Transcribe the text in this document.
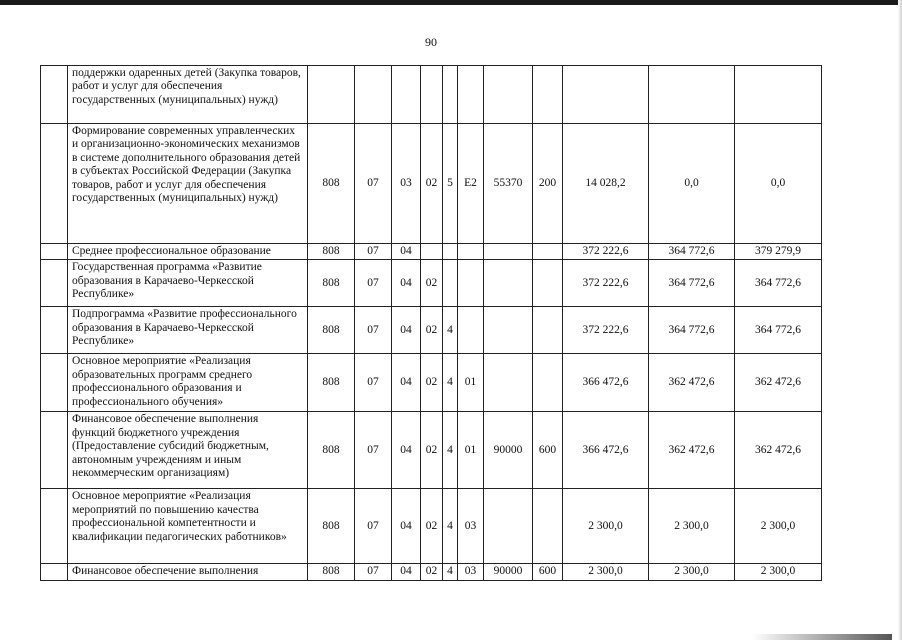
90
	поддержки одаренных детей (Закупка товаров, работ и услуг для обеспечения государственных (муниципальных) нужд)											
	Формирование современных управленческих и организационно-экономических механизмов в системе дополнительного образования детей в субъектах Российской Федерации (Закупка товаров, работ и услуг для обеспечения государственных (муниципальных) нужд)	808	07	03	02	5	E2	55370	200	14 028,2	0,0	0,0
	Среднее профессиональное образование	808	07	04						372 222,6	364 772,6	379 279,9
	Государственная программа «Развитие образования в Карачаево-Черкесской Республике»	808	07	04	02					372 222,6	364 772,6	364 772,6
	Подпрограмма «Развитие профессионального образования в Карачаево-Черкесской Республике»	808	07	04	02	4				372 222,6	364 772,6	364 772,6
	Основное мероприятие «Реализация образовательных программ среднего профессионального образования и профессионального обучения»	808	07	04	02	4	01			366 472,6	362 472,6	362 472,6
	Финансовое обеспечение выполнения функций бюджетного учреждения (Предоставление субсидий бюджетным, автономным учреждениям и иным некоммерческим организациям)	808	07	04	02	4	01	90000	600	366 472,6	362 472,6	362 472,6
	Основное мероприятие «Реализация мероприятий по повышению качества профессиональной компетентности и квалификации педагогических работников»	808	07	04	02	4	03			2 300,0	2 300,0	2 300,0
	Финансовое обеспечение выполнения	808	07	04	02	4	03	90000	600	2 300,0	2 300,0	2 300,0
